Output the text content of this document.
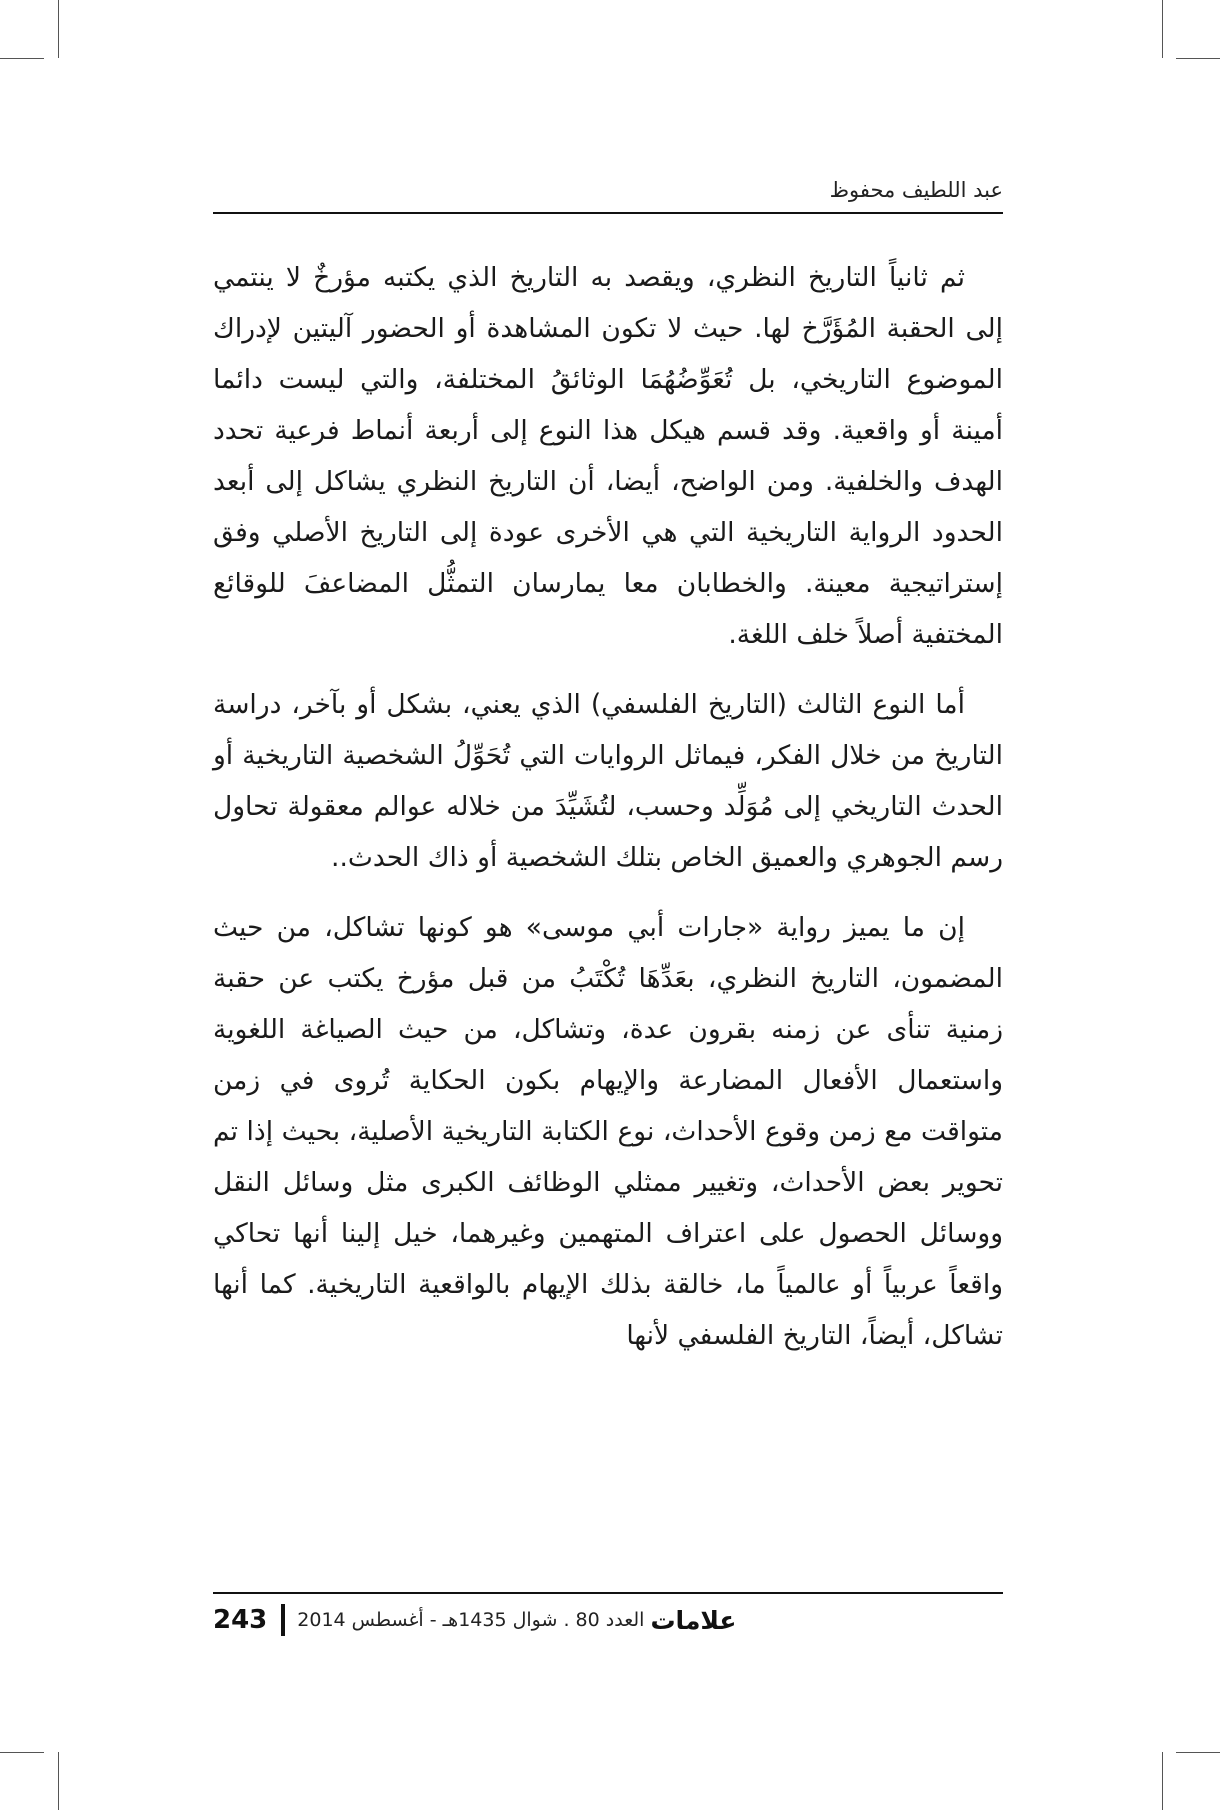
عبد اللطيف محفوظ

ثم ثانياً التاريخ النظري، ويقصد به التاريخ الذي يكتبه مؤرخٌ لا ينتمي إلى الحقبة المُؤَرَّخ لها. حيث لا تكون المشاهدة أو الحضور آليتين لإدراك الموضوع التاريخي، بل تُعَوِّضُهُمَا الوثائقُ المختلفة، والتي ليست دائما أمينة أو واقعية. وقد قسم هيكل هذا النوع إلى أربعة أنماط فرعية تحدد الهدف والخلفية. ومن الواضح، أيضا، أن التاريخ النظري يشاكل إلى أبعد الحدود الرواية التاريخية التي هي الأخرى عودة إلى التاريخ الأصلي وفق إستراتيجية معينة. والخطابان معا يمارسان التمثُّل المضاعفَ للوقائع المختفية أصلاً خلف اللغة.

أما النوع الثالث (التاريخ الفلسفي) الذي يعني، بشكل أو بآخر، دراسة التاريخ من خلال الفكر، فيماثل الروايات التي تُحَوِّلُ الشخصية التاريخية أو الحدث التاريخي إلى مُوَلِّد وحسب، لتُشَيِّدَ من خلاله عوالم معقولة تحاول رسم الجوهري والعميق الخاص بتلك الشخصية أو ذاك الحدث..

إن ما يميز رواية «جارات أبي موسى» هو كونها تشاكل، من حيث المضمون، التاريخ النظري، بعَدِّهَا تُكْتَبُ من قبل مؤرخ يكتب عن حقبة زمنية تنأى عن زمنه بقرون عدة، وتشاكل، من حيث الصياغة اللغوية واستعمال الأفعال المضارعة والإيهام بكون الحكاية تُروى في زمن متواقت مع زمن وقوع الأحداث، نوع الكتابة التاريخية الأصلية، بحيث إذا تم تحوير بعض الأحداث، وتغيير ممثلي الوظائف الكبرى مثل وسائل النقل ووسائل الحصول على اعتراف المتهمين وغيرهما، خيل إلينا أنها تحاكي واقعاً عربياً أو عالمياً ما، خالقة بذلك الإيهام بالواقعية التاريخية. كما أنها تشاكل، أيضاً، التاريخ الفلسفي لأنها

243 العدد 80 . شوال 1435هـ - أغسطس 2014 علامات
